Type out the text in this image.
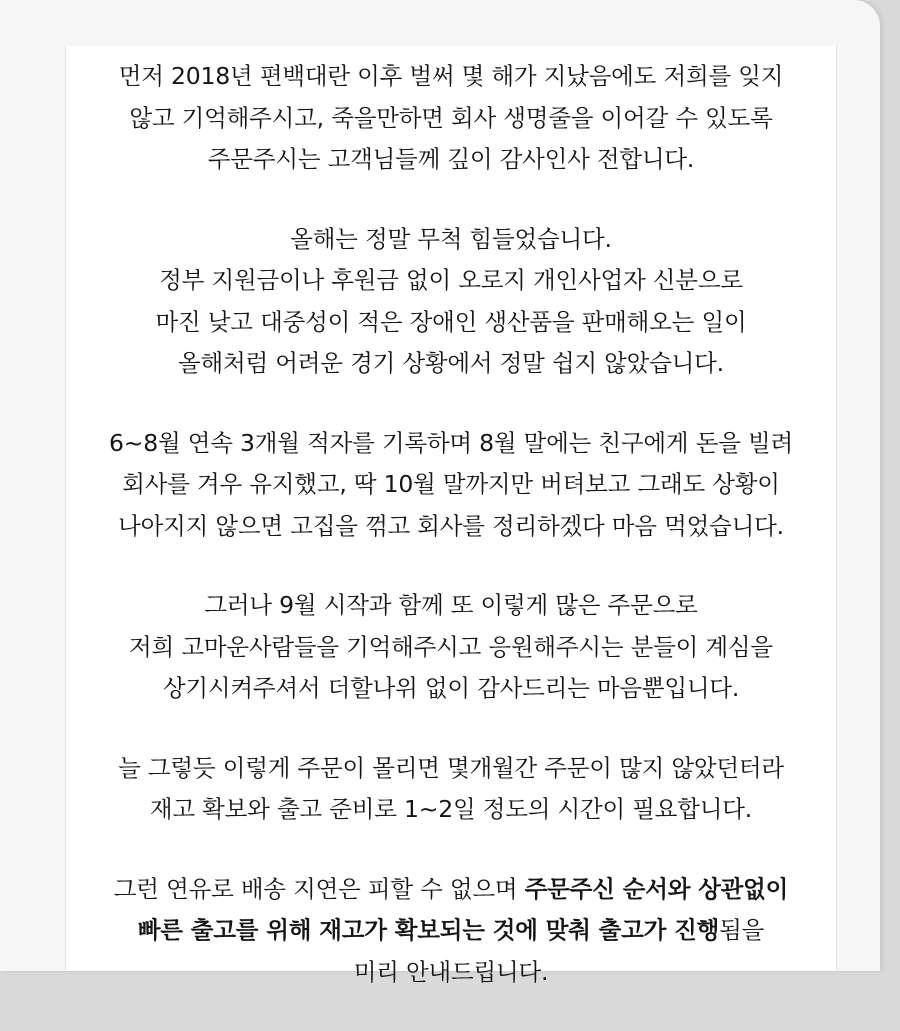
먼저 2018년 편백대란 이후 벌써 몇 해가 지났음에도 저희를 잊지
않고 기억해주시고, 죽을만하면 회사 생명줄을 이어갈 수 있도록
주문주시는 고객님들께 깊이 감사인사 전합니다.
올해는 정말 무척 힘들었습니다.
정부 지원금이나 후원금 없이 오로지 개인사업자 신분으로
마진 낮고 대중성이 적은 장애인 생산품을 판매해오는 일이
올해처럼 어려운 경기 상황에서 정말 쉽지 않았습니다.
6~8월 연속 3개월 적자를 기록하며 8월 말에는 친구에게 돈을 빌려
회사를 겨우 유지했고, 딱 10월 말까지만 버텨보고 그래도 상황이
나아지지 않으면 고집을 꺾고 회사를 정리하겠다 마음 먹었습니다.
그러나 9월 시작과 함께 또 이렇게 많은 주문으로
저희 고마운사람들을 기억해주시고 응원해주시는 분들이 계심을
상기시켜주셔서 더할나위 없이 감사드리는 마음뿐입니다.
늘 그렇듯 이렇게 주문이 몰리면 몇개월간 주문이 많지 않았던터라
재고 확보와 출고 준비로 1~2일 정도의 시간이 필요합니다.
그런 연유로 배송 지연은 피할 수 없으며 주문주신 순서와 상관없이
빠른 출고를 위해 재고가 확보되는 것에 맞춰 출고가 진행됨을
미리 안내드립니다.
